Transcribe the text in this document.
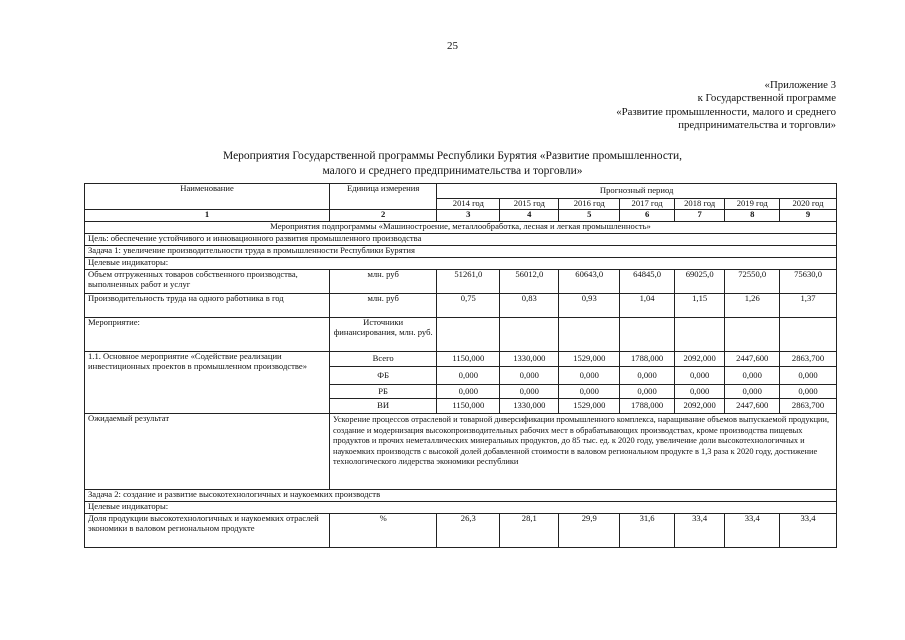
25
«Приложение 3
к Государственной программе
«Развитие промышленности, малого и среднего
предпринимательства и торговли»
Мероприятия Государственной программы Республики Бурятия «Развитие промышленности,
малого и среднего предпринимательства и торговли»
Наименование	Единица измерения	Прогнозный период						
		2014 год	2015 год	2016 год	2017 год	2018 год	2019 год	2020 год
1	2	3	4	5	6	7	8	9
Мероприятия подпрограммы «Машиностроение, металлообработка, лесная и легкая промышленность»								
Цель: обеспечение устойчивого и инновационного развития промышленного производства								
Задача 1: увеличение производительности труда в промышленности Республики Бурятия								
Целевые индикаторы:								
Объем отгруженных товаров собственного производства, выполненных работ и услуг	млн. руб	51261,0	56012,0	60643,0	64845,0	69025,0	72550,0	75630,0
Производительность труда на одного работника в год	млн. руб	0,75	0,83	0,93	1,04	1,15	1,26	1,37
Мероприятие:	Источники финансирования, млн. руб.							
1.1. Основное мероприятие «Содействие реализации инвестиционных проектов в промышленном производстве»	Всего	1150,000	1330,000	1529,000	1788,000	2092,000	2447,600	2863,700
	ФБ	0,000	0,000	0,000	0,000	0,000	0,000	0,000
	РБ	0,000	0,000	0,000	0,000	0,000	0,000	0,000
	ВИ	1150,000	1330,000	1529,000	1788,000	2092,000	2447,600	2863,700
Ожидаемый результат	Ускорение процессов отраслевой и товарной диверсификации промышленного комплекса, наращивание объемов выпускаемой продукции, создание и модернизация высокопроизводительных рабочих мест в обрабатывающих производствах, кроме производства пищевых продуктов и прочих неметаллических минеральных продуктов, до 85 тыс. ед. к 2020 году, увеличение доли высокотехнологичных и наукоемких производств с высокой долей добавленной стоимости в валовом региональном продукте в 1,3 раза к 2020 году, достижение технологического лидерства экономики республики							
Задача 2: создание и развитие высокотехнологичных и наукоемких производств								
Целевые индикаторы:								
Доля продукции высокотехнологичных и наукоемких отраслей экономики в валовом региональном продукте	%	26,3	28,1	29,9	31,6	33,4	33,4	33,4
